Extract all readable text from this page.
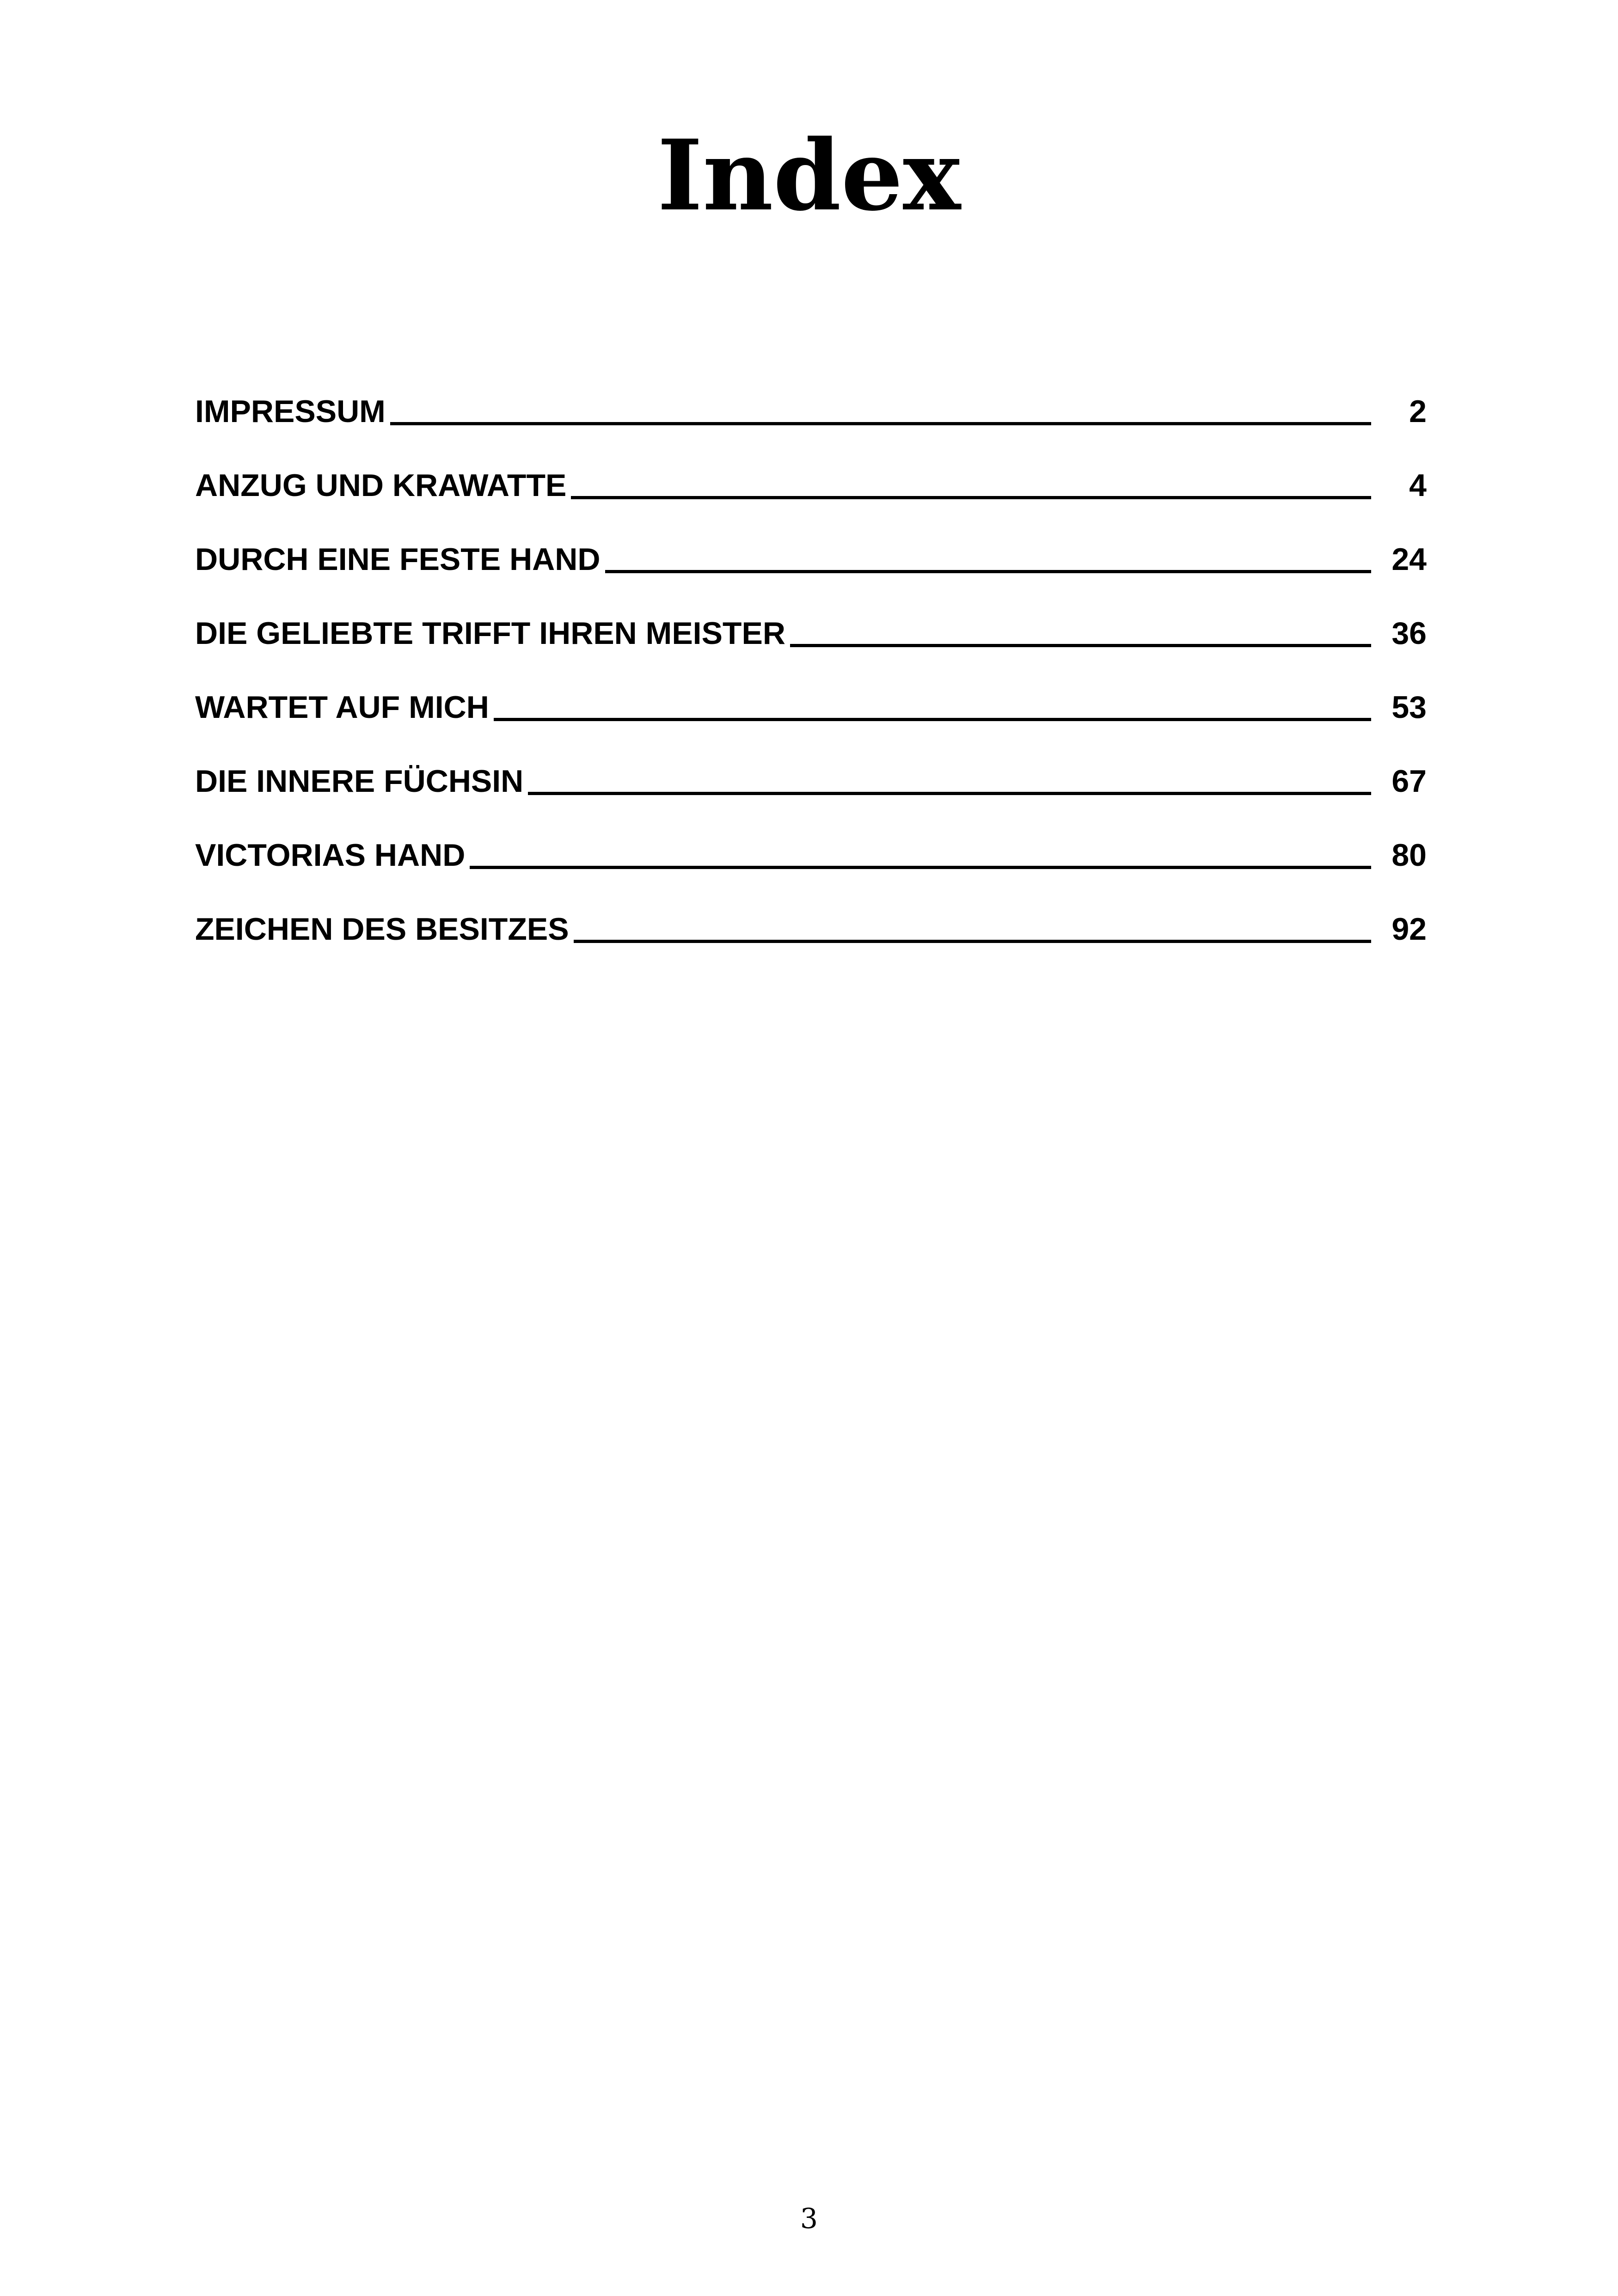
Index
IMPRESSUM	2
ANZUG UND KRAWATTE	4
DURCH EINE FESTE HAND	24
DIE GELIEBTE TRIFFT IHREN MEISTER	36
WARTET AUF MICH	53
DIE INNERE FÜCHSIN	67
VICTORIAS HAND	80
ZEICHEN DES BESITZES	92
3
